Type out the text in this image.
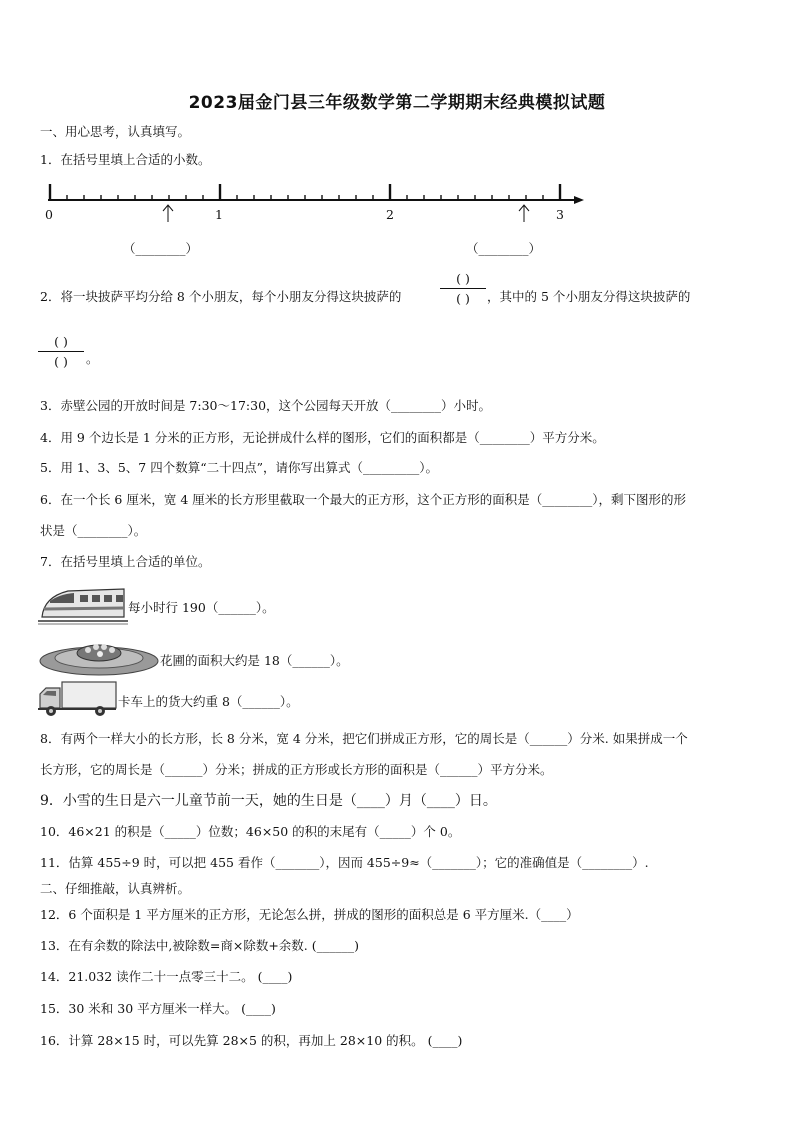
2023届金门县三年级数学第二学期期末经典模拟试题
一、用心思考，认真填写。
1．在括号里填上合适的小数。
0	1	2	3
（________）	（________）
2．将一块披萨平均分给 8 个小朋友，每个小朋友分得这块披萨的
( )
( )	，其中的 5 个小朋友分得这块披萨的
( )
( )	。
3．赤壁公园的开放时间是 7:30～17:30，这个公园每天开放（________）小时。
4．用 9 个边长是 1 分米的正方形，无论拼成什么样的图形，它们的面积都是（________）平方分米。
5．用 1、3、5、7 四个数算“二十四点”，请你写出算式（_________）。
6．在一个长 6 厘米，宽 4 厘米的长方形里截取一个最大的正方形，这个正方形的面积是（________），剩下图形的形
状是（________）。
7．在括号里填上合适的单位。
每小时行 190（______）。
花圃的面积大约是 18（______）。
卡车上的货大约重 8（______）。
8．有两个一样大小的长方形，长 8 分米，宽 4 分米，把它们拼成正方形，它的周长是（______）分米. 如果拼成一个
长方形，它的周长是（______）分米；拼成的正方形或长方形的面积是（______）平方分米。
9．小雪的生日是六一儿童节前一天，她的生日是（____）月（____）日。
10．46×21 的积是（_____）位数；46×50 的积的末尾有（_____）个 0。
11．估算 455÷9 时，可以把 455 看作（_______），因而 455÷9≈（_______）；它的准确值是（________）.
二、仔细推敲，认真辨析。
12．6 个面积是 1 平方厘米的正方形，无论怎么拼，拼成的图形的面积总是 6 平方厘米.（____）
13．在有余数的除法中,被除数=商×除数+余数. (______)
14．21.032 读作二十一点零三十二。 (____)
15．30 米和 30 平方厘米一样大。 (____)
16．计算 28×15 时，可以先算 28×5 的积，再加上 28×10 的积。 (____)
